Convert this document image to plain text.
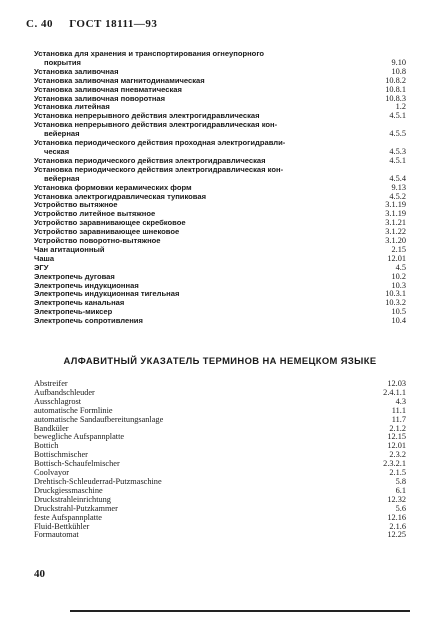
С. 40 ГОСТ 18111—93
Установка для хранения и транспортирования огнеупорного
покрытия	9.10
Установка заливочная	10.8
Установка заливочная магнитодинамическая	10.8.2
Установка заливочная пневматическая	10.8.1
Установка заливочная поворотная	10.8.3
Установка литейная	1.2
Установка непрерывного действия электрогидравлическая	4.5.1
Установка непрерывного действия электрогидравлическая кон-
вейерная	4.5.5
Установка периодического действия проходная электрогидравли-
ческая	4.5.3
Установка периодического действия электрогидравлическая	4.5.1
Установка периодического действия электрогидравлическая кон-
вейерная	4.5.4
Установка формовки керамических форм	9.13
Установка электрогидравлическая тупиковая	4.5.2
Устройство вытяжное	3.1.19
Устройство литейное вытяжное	3.1.19
Устройство заравнивающее скребковое	3.1.21
Устройство заравнивающее шнековое	3.1.22
Устройство поворотно-вытяжное	3.1.20
Чан агитационный	2.15
Чаша	12.01
ЭГУ	4.5
Электропечь дуговая	10.2
Электропечь индукционная	10.3
Электропечь индукционная тигельная	10.3.1
Электропечь канальная	10.3.2
Электропечь-миксер	10.5
Электропечь сопротивления	10.4
АЛФАВИТНЫЙ УКАЗАТЕЛЬ ТЕРМИНОВ НА НЕМЕЦКОМ ЯЗЫКЕ
Abstreifer	12.03
Aufbandschleuder	2.4.1.1
Ausschlagrost	4.3
automatische Formlinie	11.1
automatische Sandaufbereitungsanlage	11.7
Bandküler	2.1.2
bewegliche Aufspannplatte	12.15
Bottich	12.01
Bottischmischer	2.3.2
Bottisch-Schaufelmischer	2.3.2.1
Coolvayor	2.1.5
Drehtisch-Schleuderrad-Putzmaschine	5.8
Druckgiessmaschine	6.1
Druckstrahleinrichtung	12.32
Druckstrahl-Putzkammer	5.6
feste Aufspannplatte	12.16
Fluid-Bettkühler	2.1.6
Formautomat	12.25
40
